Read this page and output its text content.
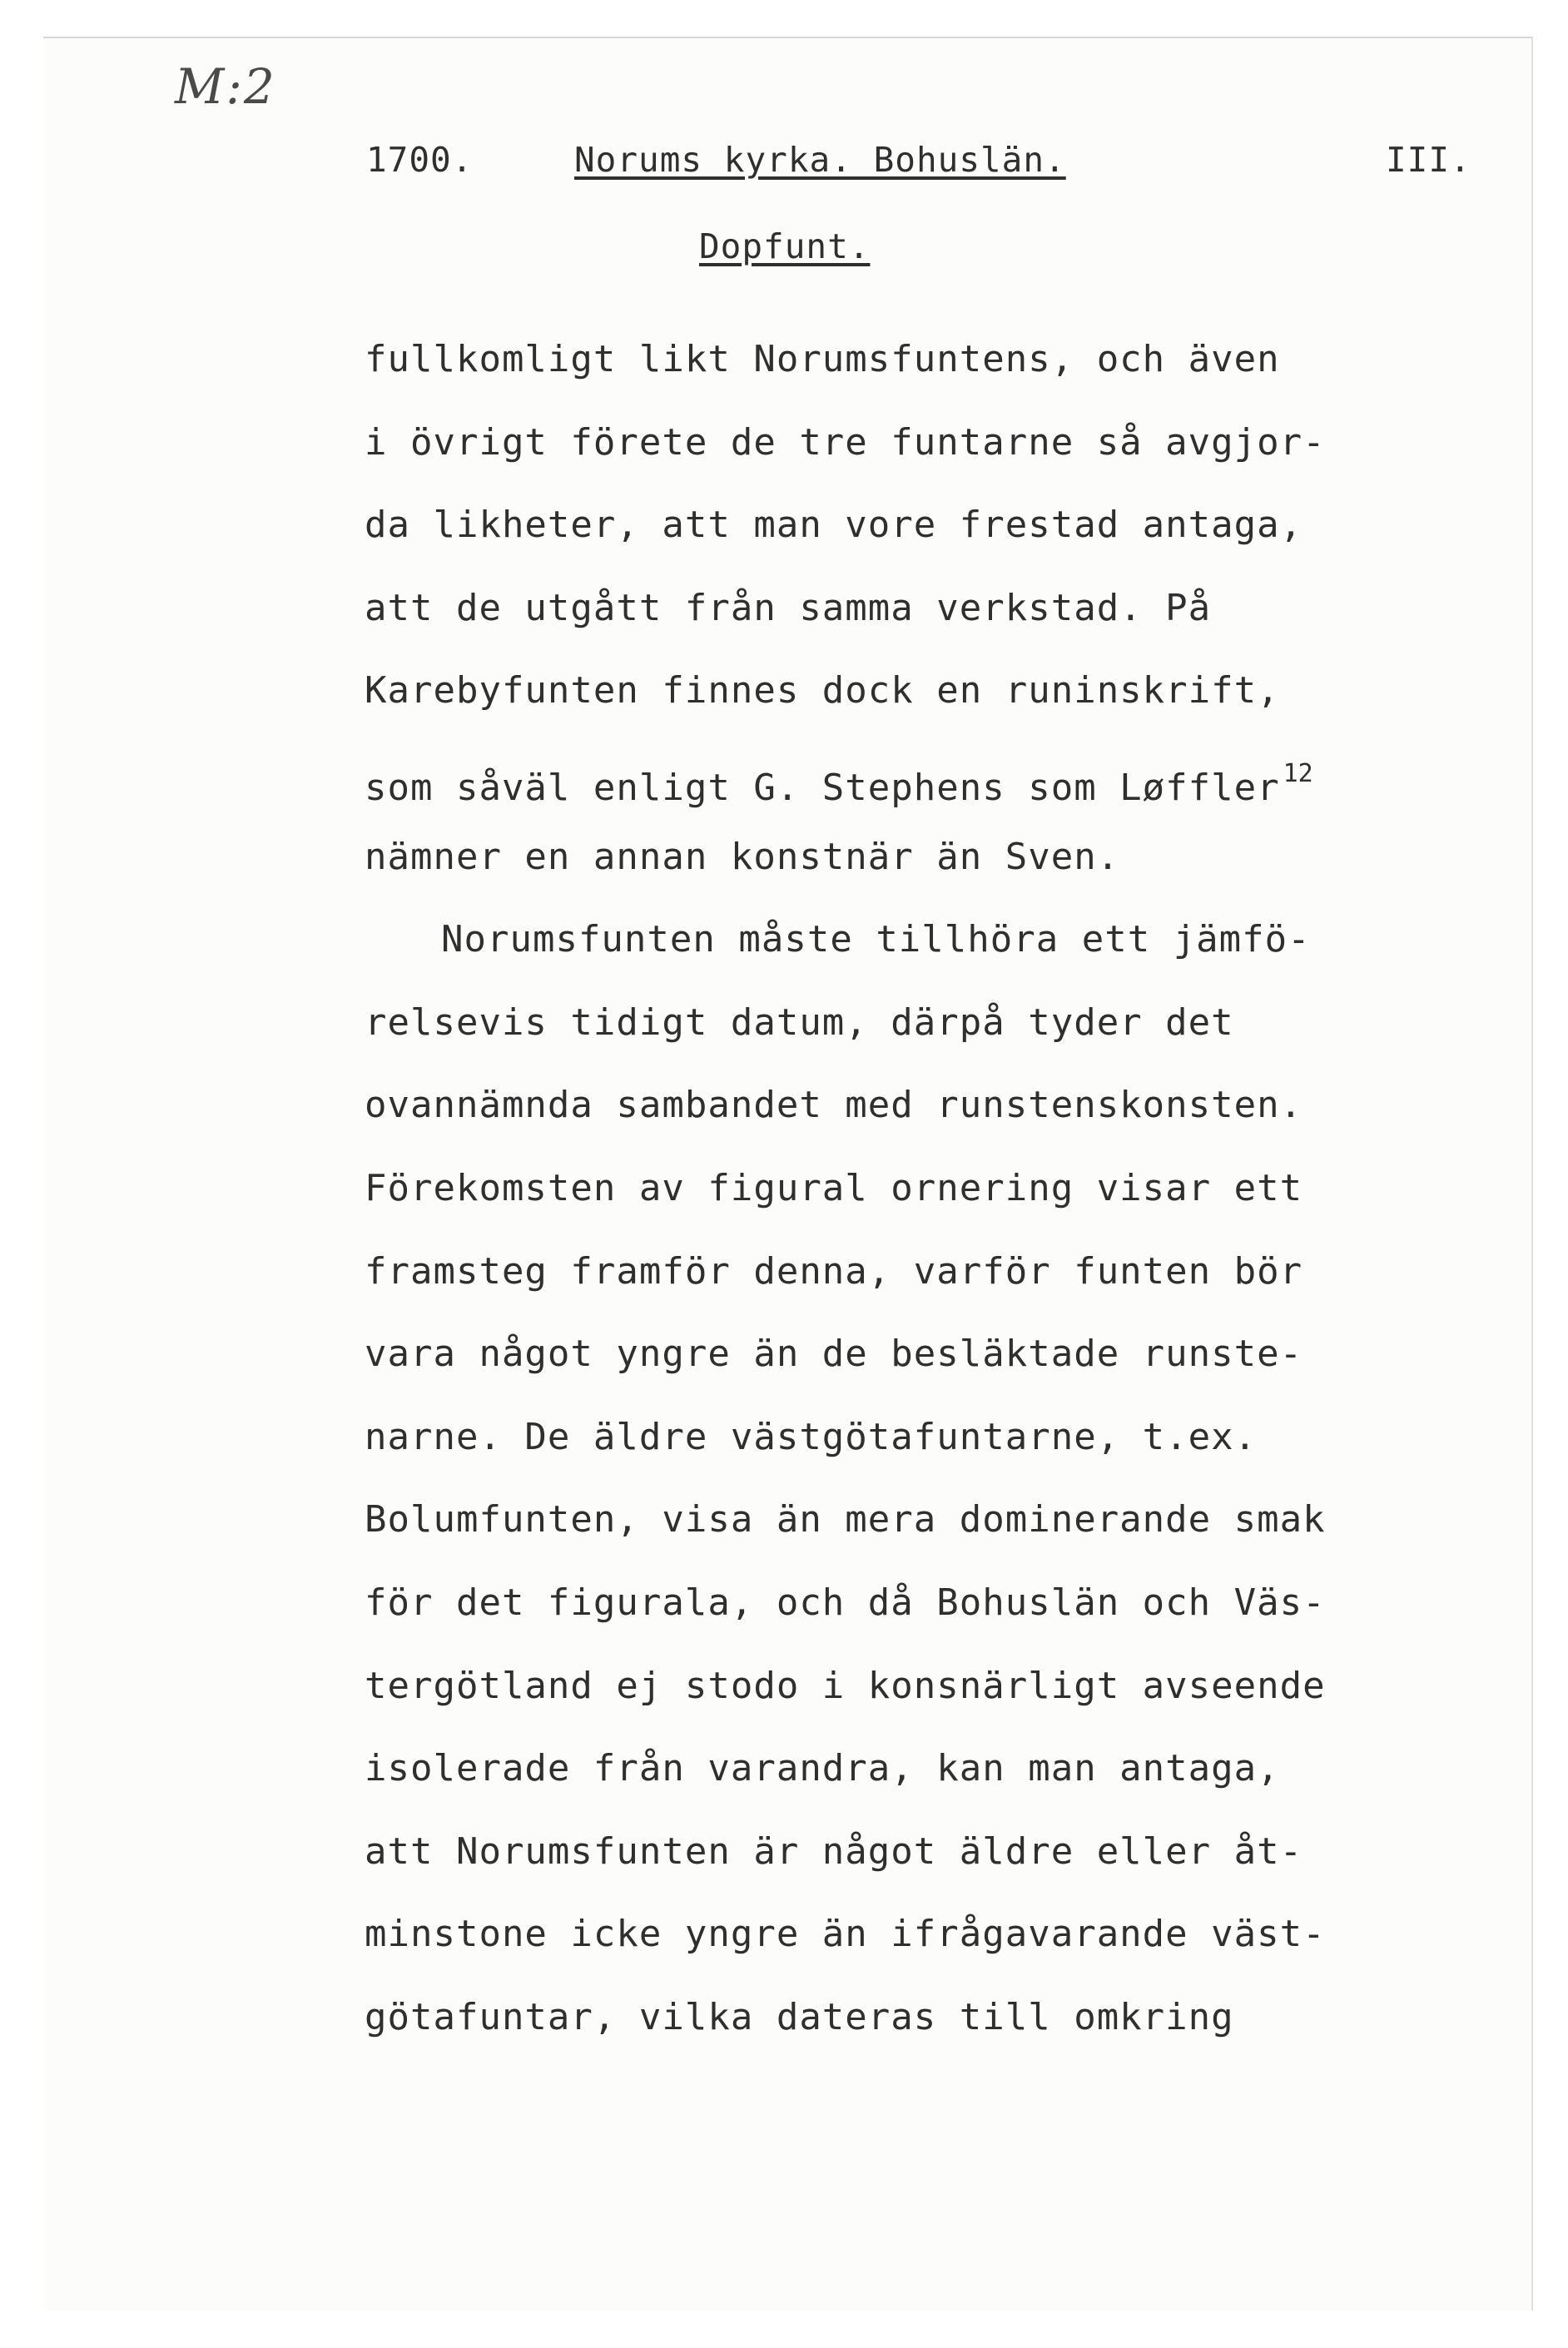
M:2
1700.	Norums kyrka. Bohuslän.	III.
Dopfunt.
fullkomligt likt Norumsfuntens, och även
i övrigt förete de tre funtarne så avgjor-
da likheter, att man vore frestad antaga,
att de utgått från samma verkstad. På
Karebyfunten finnes dock en runinskrift,
som såväl enligt G. Stephens som Løffler $^{12}$
nämner en annan konstnär än Sven.
Norumsfunten måste tillhöra ett jämfö-
relsevis tidigt datum, därpå tyder det
ovannämnda sambandet med runstenskonsten.
Förekomsten av figural ornering visar ett
framsteg framför denna, varför funten bör
vara något yngre än de besläktade runste-
narne. De äldre västgötafuntarne, t.ex.
Bolumfunten, visa än mera dominerande smak
för det figurala, och då Bohuslän och Väs-
tergötland ej stodo i konsnärligt avseende
isolerade från varandra, kan man antaga,
att Norumsfunten är något äldre eller åt-
minstone icke yngre än ifrågavarande väst-
götafuntar, vilka dateras till omkring
